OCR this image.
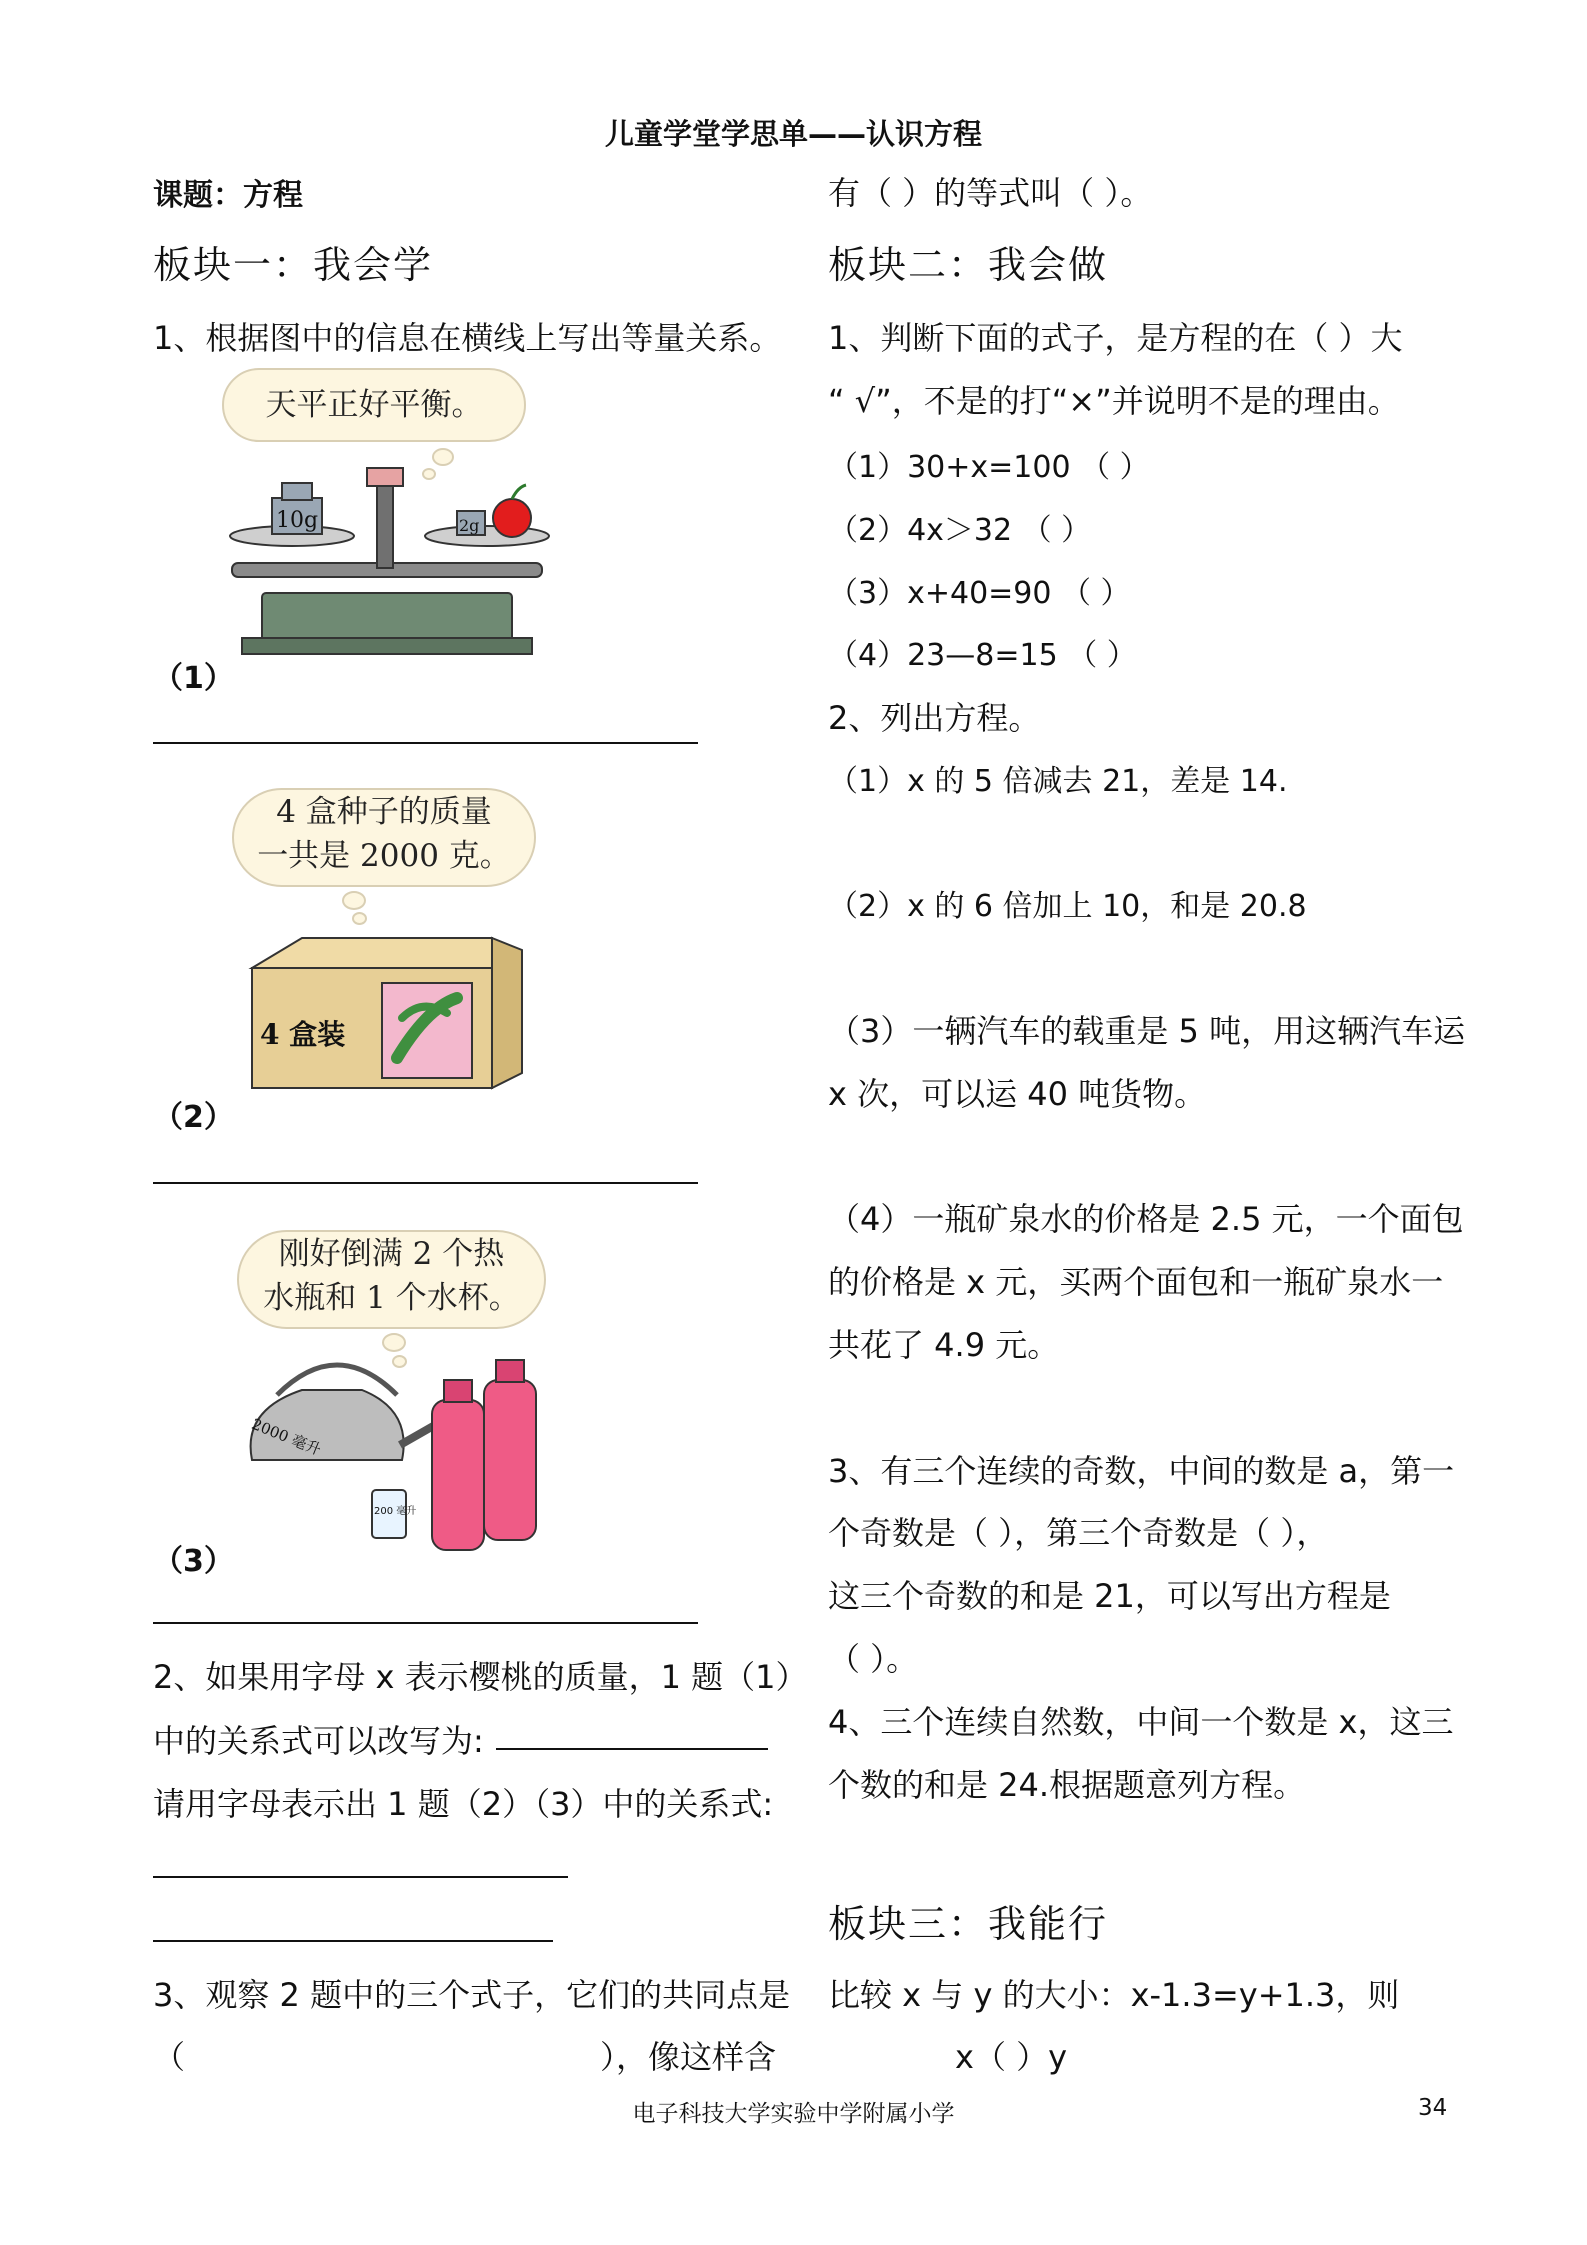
儿童学堂学思单——认识方程
课题：方程
板块一：我会学
1、根据图中的信息在横线上写出等量关系。
天平正好平衡。
10g	2g
（1）
4 盒种子的质量
一共是 2000 克。
4 盒装
（2）
刚好倒满 2 个热
水瓶和 1 个水杯。
2000 毫升
200 毫升
（3）
2、如果用字母 x 表示樱桃的质量，1 题（1）
中的关系式可以改写为:
请用字母表示出 1 题（2）（3）中的关系式:
3、观察 2 题中的三个式子，它们的共同点是
（	），像这样含
有（ ）的等式叫（ ）。
板块二：我会做
1、判断下面的式子，是方程的在（ ）大
“ √”，不是的打“×”并说明不是的理由。
（1）30+x=100 （ ）
（2）4x＞32 （ ）
（3）x+40=90 （ ）
（4）23—8=15 （ ）
2、列出方程。
（1）x 的 5 倍减去 21，差是 14.
（2）x 的 6 倍加上 10，和是 20.8
（3）一辆汽车的载重是 5 吨，用这辆汽车运
x 次，可以运 40 吨货物。
（4）一瓶矿泉水的价格是 2.5 元，一个面包
的价格是 x 元，买两个面包和一瓶矿泉水一
共花了 4.9 元。
3、有三个连续的奇数，中间的数是 a，第一
个奇数是（ ），第三个奇数是（ ），
这三个奇数的和是 21，可以写出方程是
（ ）。
4、三个连续自然数，中间一个数是 x，这三
个数的和是 24.根据题意列方程。
板块三：我能行
比较 x 与 y 的大小：x-1.3=y+1.3，则
x（ ）y
电子科技大学实验中学附属小学	34
